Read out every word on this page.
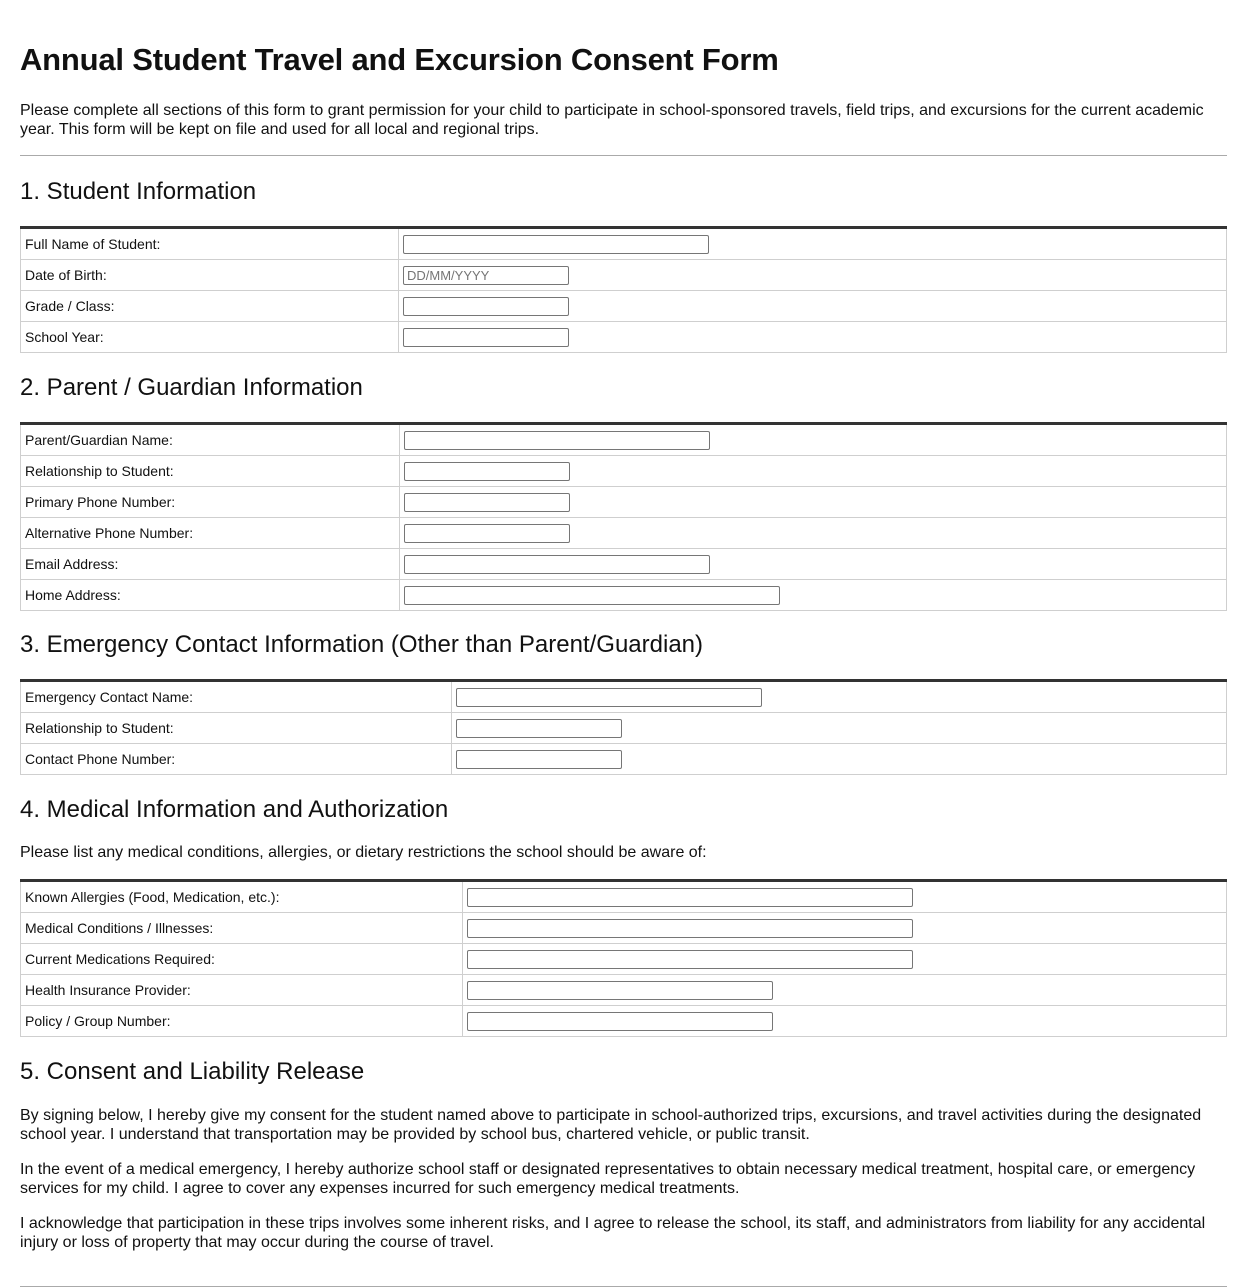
Annual Student Travel and Excursion Consent Form

Please complete all sections of this form to grant permission for your child to participate in school-sponsored travels, field trips, and excursions for the current academic year. This form will be kept on file and used for all local and regional trips.

1. Student Information
Full Name of Student:	

Date of Birth:	
DD/MM/YYYY
Grade / Class:	

School Year:	
2. Parent / Guardian Information
Parent/Guardian Name:	

Relationship to Student:	

Primary Phone Number:	

Alternative Phone Number:	

Email Address:	

Home Address:	
3. Emergency Contact Information (Other than Parent/Guardian)
Emergency Contact Name:	

Relationship to Student:	

Contact Phone Number:	
4. Medical Information and Authorization

Please list any medical conditions, allergies, or dietary restrictions the school should be aware of:

Known Allergies (Food, Medication, etc.):	

Medical Conditions / Illnesses:	

Current Medications Required:	

Health Insurance Provider:	

Policy / Group Number:	
5. Consent and Liability Release

By signing below, I hereby give my consent for the student named above to participate in school-authorized trips, excursions, and travel activities during the designated school year. I understand that transportation may be provided by school bus, chartered vehicle, or public transit.

In the event of a medical emergency, I hereby authorize school staff or designated representatives to obtain necessary medical treatment, hospital care, or emergency services for my child. I agree to cover any expenses incurred for such emergency medical treatments.

I acknowledge that participation in these trips involves some inherent risks, and I agree to release the school, its staff, and administrators from liability for any accidental injury or loss of property that may occur during the course of travel.
